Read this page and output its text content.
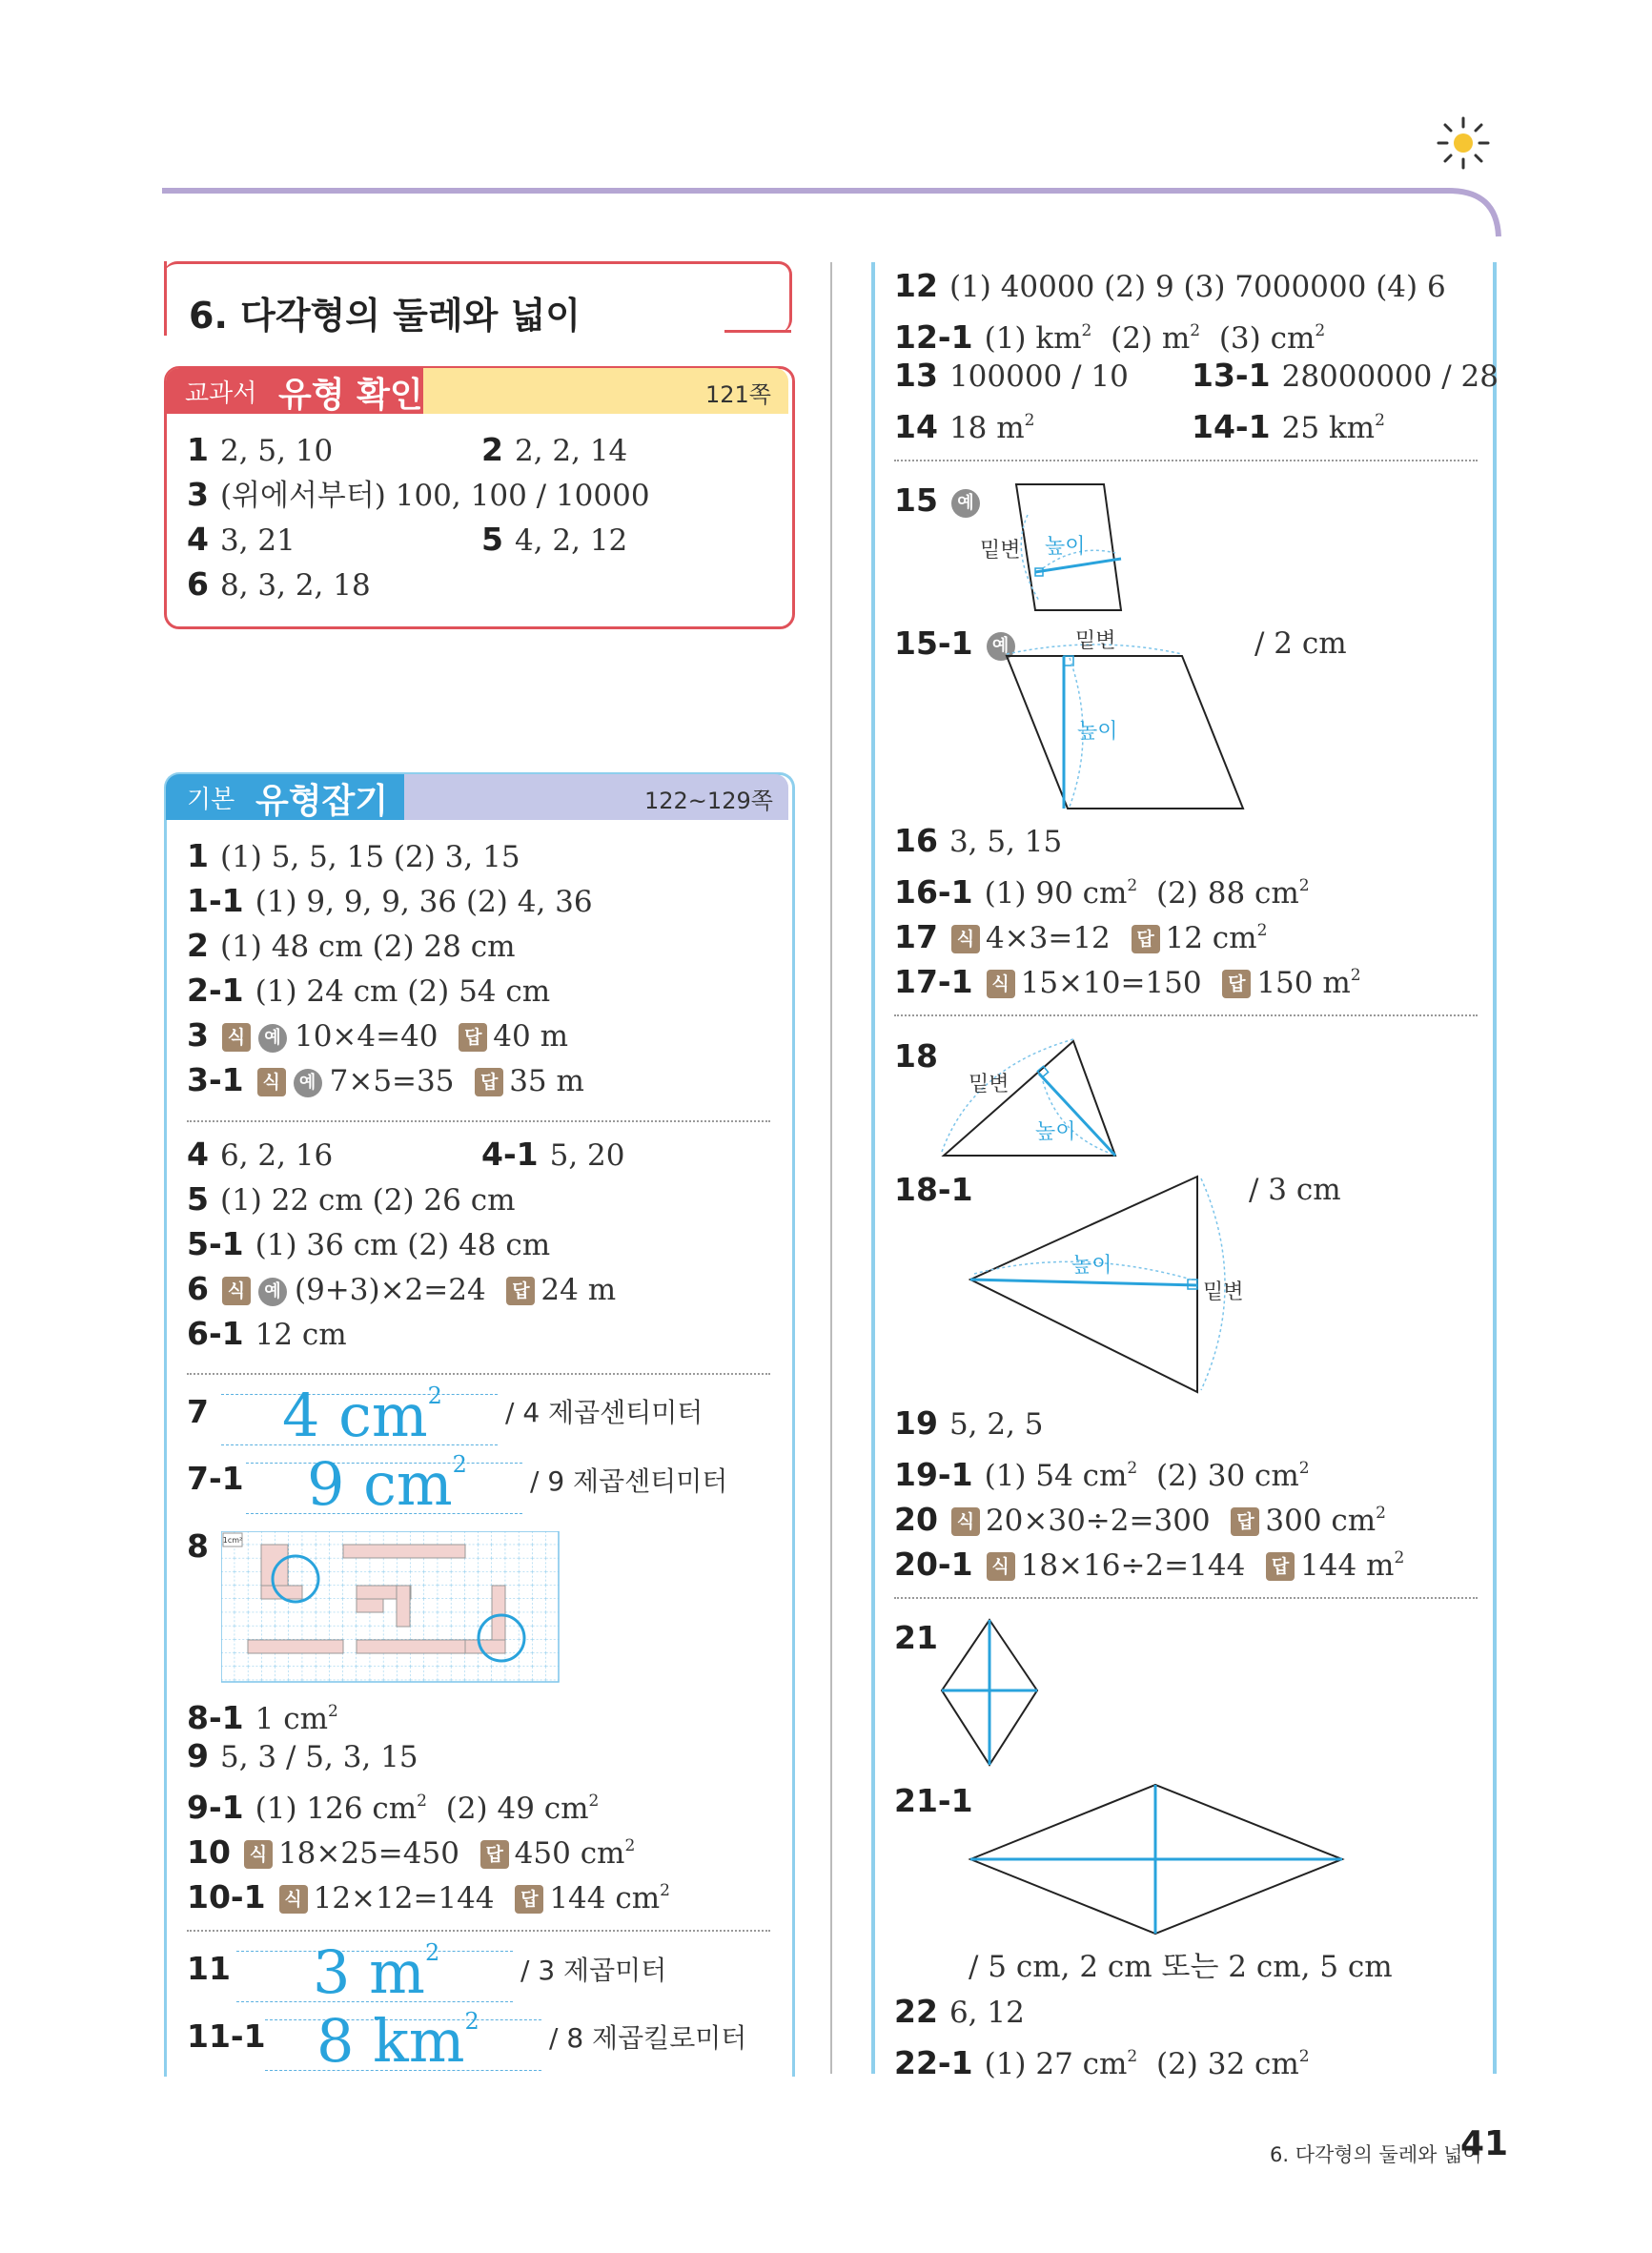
6. 다각형의 둘레와 넓이
교과서 유형 확인	121쪽
1 2, 5, 10	2 2, 2, 14
3 (위에서부터) 100, 100 / 10000
4 3, 21	5 4, 2, 12
6 8, 3, 2, 18
기본 유형잡기	122~129쪽
1 (1) 5, 5, 15 (2) 3, 15
1-1 (1) 9, 9, 9, 36 (2) 4, 36
2 (1) 48 cm (2) 28 cm
2-1 (1) 24 cm (2) 54 cm
3 식 예 10×4=40 답 40 m
3-1 식 예 7×5=35 답 35 m
4 6, 2, 16	4-1 5, 20
5 (1) 22 cm (2) 26 cm
5-1 (1) 36 cm (2) 48 cm
6 식 예 (9+3)×2=24 답 24 m
6-1 12 cm
7 4 $cm^2$
/ 4 제곱센티미터
7-1 9 $cm^2$
/ 9 제곱센티미터
8	1cm²
8-1 1 $cm^2$
9 5, 3 / 5, 3, 15
9-1 (1) 126 $cm^2$ (2) 49 $cm^2$
10 식 18×25=450 답 450 $cm^2$
10-1 식 12×12=144 답 144 $cm^2$
11 3 $m^2$
/ 3 제곱미터
11-1 8 $km^2$
/ 8 제곱킬로미터
12 (1) 40000 (2) 9 (3) 7000000 (4) 6
12-1 (1) $km^2$ (2) $m^2$ (3) $cm^2$
13 100000 / 10 13-1 28000000 / 28
14 18 $m^2$	14-1 25 $km^2$
15 예
밑변 높이
15-1 예	밑변
높이
/ 2 cm
16 3, 5, 15
16-1 (1) 90 $cm^2$ (2) 88 $cm^2$
17 식 4×3=12 답 12 $cm^2$
17-1 식 15×10=150 답 150 $m^2$
18
밑변
높이
18-1
높이
밑변
/ 3 cm
19 5, 2, 5
19-1 (1) 54 $cm^2$ (2) 30 $cm^2$
20 식 20×30÷2=300 답 300 $cm^2$
20-1 식 18×16÷2=144 답 144 $m^2$
21
21-1
/ 5 cm, 2 cm 또는 2 cm, 5 cm
22 6, 12
22-1 (1) 27 $cm^2$ (2) 32 $cm^2$
6. 다각형의 둘레와 넓이
41
